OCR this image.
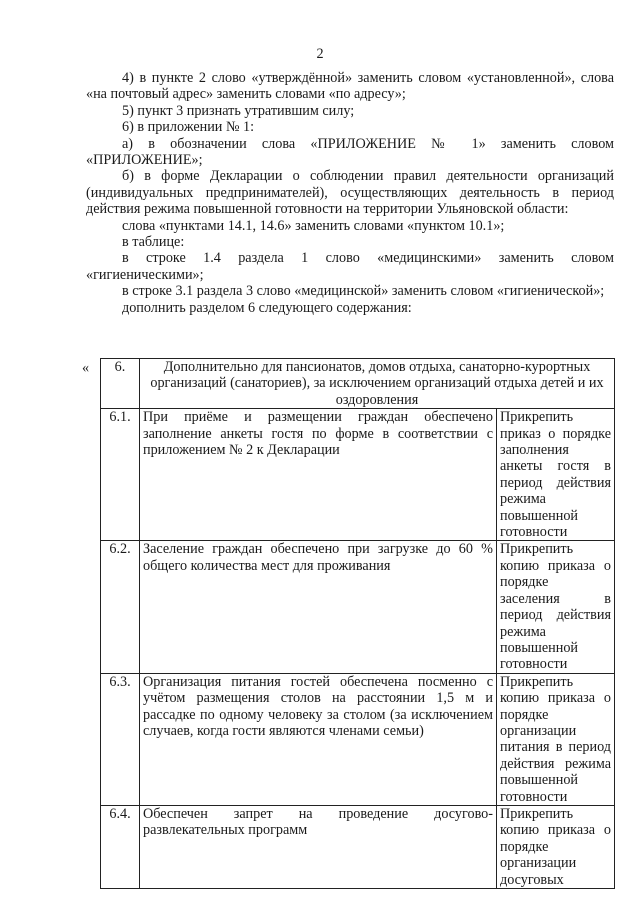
2

4) в пункте 2 слово «утверждённой» заменить словом «установленной», слова «на почтовый адрес» заменить словами «по адресу»;

5) пункт 3 признать утратившим силу;

6) в приложении № 1:

а) в обозначении слова «ПРИЛОЖЕНИЕ № 1» заменить словом «ПРИЛОЖЕНИЕ»;

б) в форме Декларации о соблюдении правил деятельности организаций (индивидуальных предпринимателей), осуществляющих деятельность в период действия режима повышенной готовности на территории Ульяновской области:

слова «пунктами 14.1, 14.6» заменить словами «пунктом 10.1»;

в таблице:

в строке 1.4 раздела 1 слово «медицинскими» заменить словом «гигиеническими»;

в строке 3.1 раздела 3 слово «медицинской» заменить словом «гигиенической»;

дополнить разделом 6 следующего содержания:

« 6.	Дополнительно для пансионатов, домов отдыха, санаторно-курортных организаций (санаториев), за исключением организаций отдыха детей и их оздоровления	
6.1.	При приёме и размещении граждан обеспечено заполнение анкеты гостя по форме в соответствии с приложением № 2 к Декларации	Прикрепить приказ о порядке заполнения анкеты гостя в период действия режима повышенной готовности
6.2.	Заселение граждан обеспечено при загрузке до 60 % общего количества мест для проживания	Прикрепить копию приказа о порядке заселения в период действия режима повышенной готовности
6.3.	Организация питания гостей обеспечена посменно с учётом размещения столов на расстоянии 1,5 м и рассадке по одному человеку за столом (за исключением случаев, когда гости являются членами семьи)	Прикрепить копию приказа о порядке организации питания в период действия режима повышенной готовности
6.4.	Обеспечен запрет на проведение досугово-развлекательных программ	Прикрепить копию приказа о порядке организации досуговых
